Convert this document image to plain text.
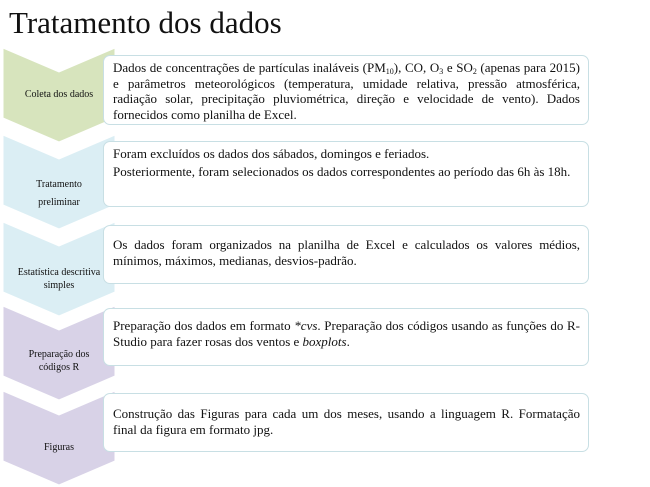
Tratamento dos dados
Coleta dos dados

Dados de concentrações de partículas inaláveis $(PM_{10})$, CO, $O_3$ e $SO_2$ (apenas para 2015) e parâmetros meteorológicos (temperatura, umidade relativa, pressão atmosférica, radiação solar, precipitação pluviométrica, direção e velocidade de vento). Dados fornecidos como planilha de Excel.

Tratamento
preliminar

Foram excluídos os dados dos sábados, domingos e feriados.

Posteriormente, foram selecionados os dados correspondentes ao período das 6h às 18h.

Estatística descritiva simples

Os dados foram organizados na planilha de Excel e calculados os valores médios, mínimos, máximos, medianas, desvios-padrão.

Preparação dos
códigos R

Preparação dos dados em formato *cvs. Preparação dos códigos usando as funções do R-Studio para fazer rosas dos ventos e boxplots.

Figuras

Construção das Figuras para cada um dos meses, usando a linguagem R. Formatação final da figura em formato jpg.
